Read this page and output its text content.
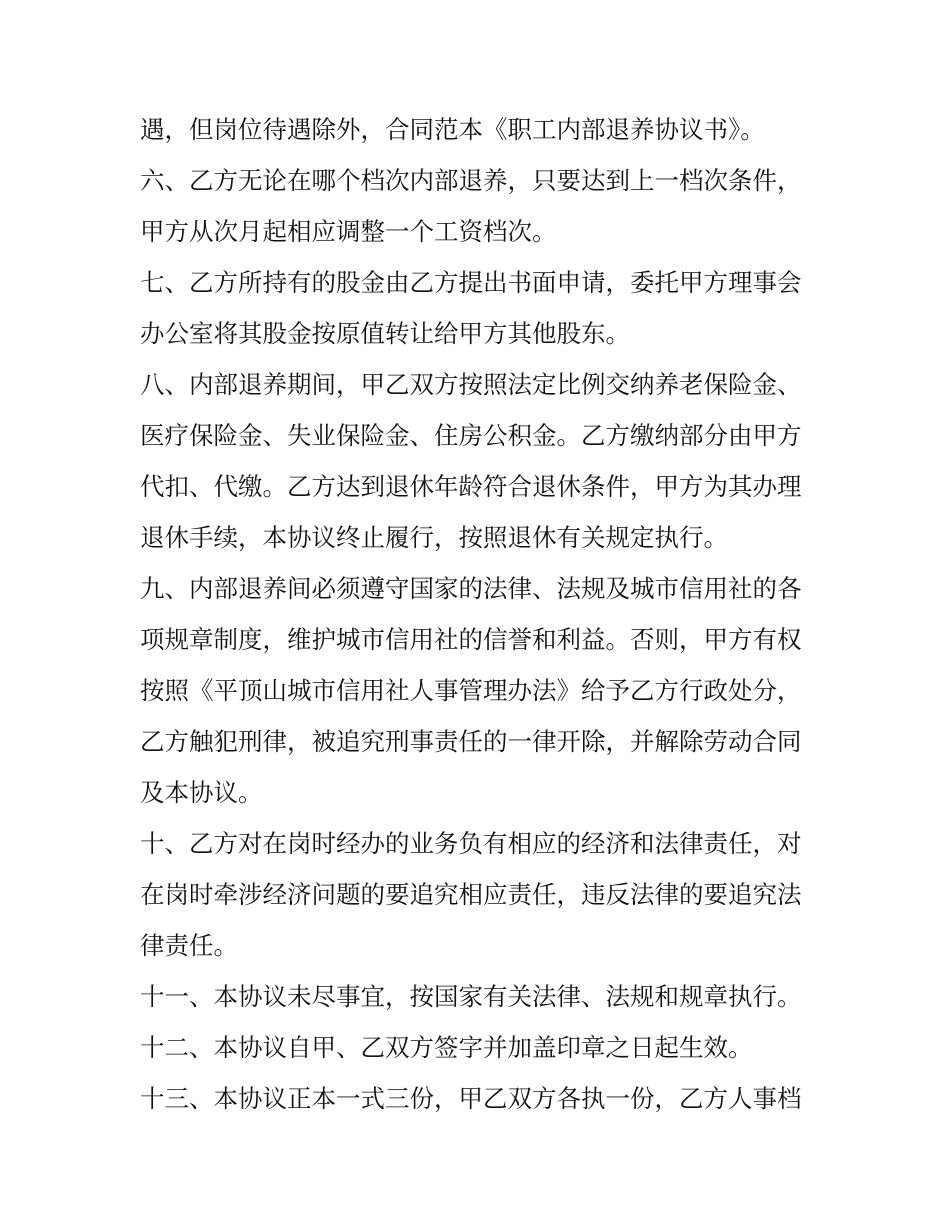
遇，但岗位待遇除外，合同范本《职工内部退养协议书》。
六、乙方无论在哪个档次内部退养，只要达到上一档次条件，
甲方从次月起相应调整一个工资档次。
七、乙方所持有的股金由乙方提出书面申请，委托甲方理事会
办公室将其股金按原值转让给甲方其他股东。
八、内部退养期间，甲乙双方按照法定比例交纳养老保险金、
医疗保险金、失业保险金、住房公积金。乙方缴纳部分由甲方
代扣、代缴。乙方达到退休年龄符合退休条件，甲方为其办理
退休手续，本协议终止履行，按照退休有关规定执行。
九、内部退养间必须遵守国家的法律、法规及城市信用社的各
项规章制度，维护城市信用社的信誉和利益。否则，甲方有权
按照《平顶山城市信用社人事管理办法》给予乙方行政处分，
乙方触犯刑律，被追究刑事责任的一律开除，并解除劳动合同
及本协议。
十、乙方对在岗时经办的业务负有相应的经济和法律责任，对
在岗时牵涉经济问题的要追究相应责任，违反法律的要追究法
律责任。
十一、本协议未尽事宜，按国家有关法律、法规和规章执行。
十二、本协议自甲、乙双方签字并加盖印章之日起生效。
十三、本协议正本一式三份，甲乙双方各执一份，乙方人事档
